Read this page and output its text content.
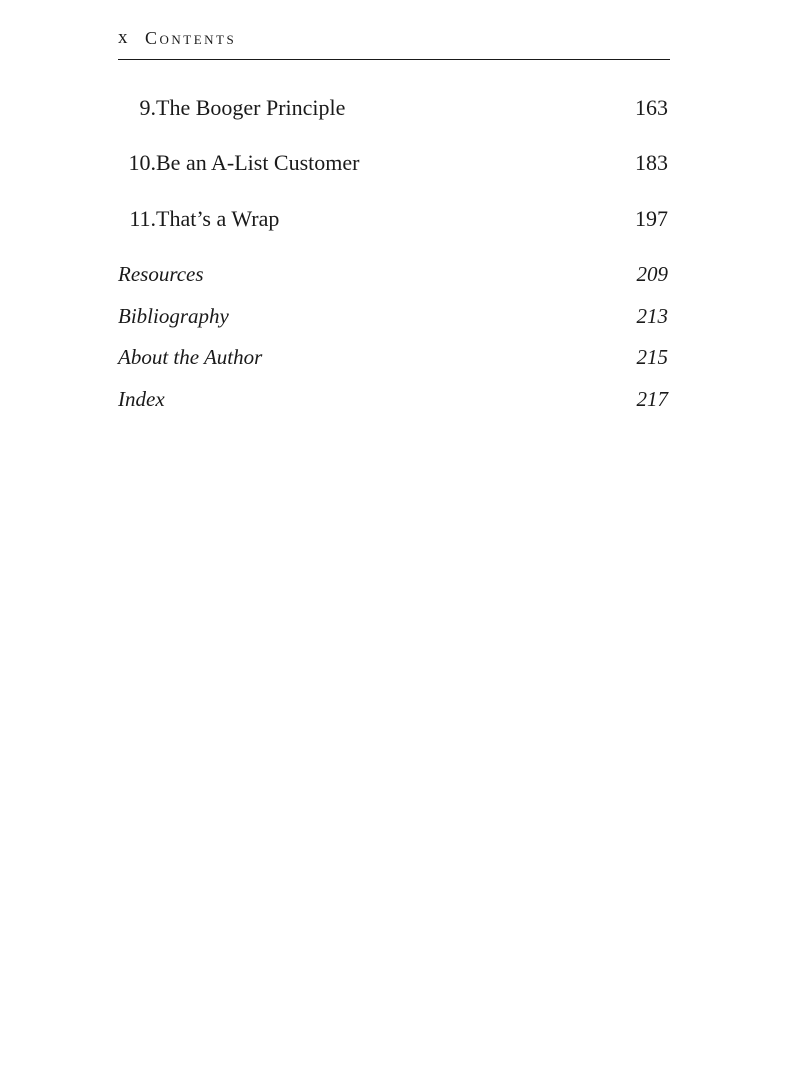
x Contents
9. The Booger Principle	163
10. Be an A-List Customer	183
11. That’s a Wrap	197
Resources	209
Bibliography	213
About the Author	215
Index	217
